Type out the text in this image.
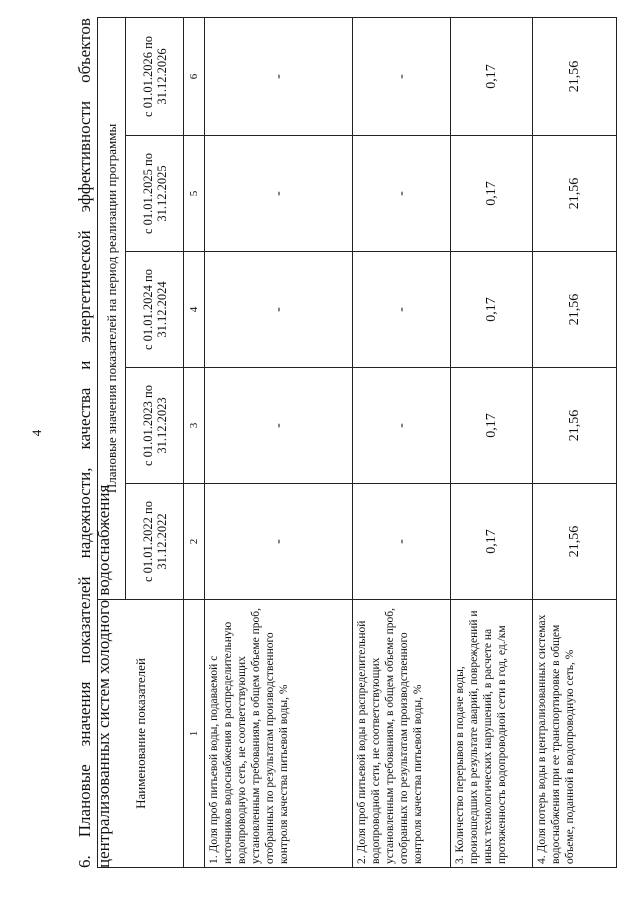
4
6.
Плановые
значения
показателей
надежности,
качества
и
энергетической
эффективности
объектов
централизованных систем холодного водоснабжения Наименование показателей	Плановые значения показателей на период реализации программы				
	с 01.01.2022 по 31.12.2022	с 01.01.2023 по 31.12.2023	с 01.01.2024 по 31.12.2024	с 01.01.2025 по 31.12.2025	с 01.01.2026 по 31.12.2026
1	2	3	4	5	6
1. Доля проб питьевой воды, подаваемой с источников водоснабжения в распределительную водопроводную сеть, не соответствующих установленным требованиям, в общем объеме проб, отобранных по результатам производственного контроля качества питьевой воды, %	-	-	-	-	-
2. Доля проб питьевой воды в распределительной водопроводной сети, не соответствующих установленным требованиям, в общем объеме проб, отобранных по результатам производственного контроля качества питьевой воды, %	-	-	-	-	-
3. Количество перерывов в подаче воды, произошедших в результате аварий, повреждений и иных технологических нарушений, в расчете на протяженность водопроводной сети в год, ед./км	0,17	0,17	0,17	0,17	0,17
4. Доля потерь воды в централизованных системах водоснабжения при ее транспортировке в общем объеме, поданной в водопроводную сеть, %	21,56	21,56	21,56	21,56	21,56
